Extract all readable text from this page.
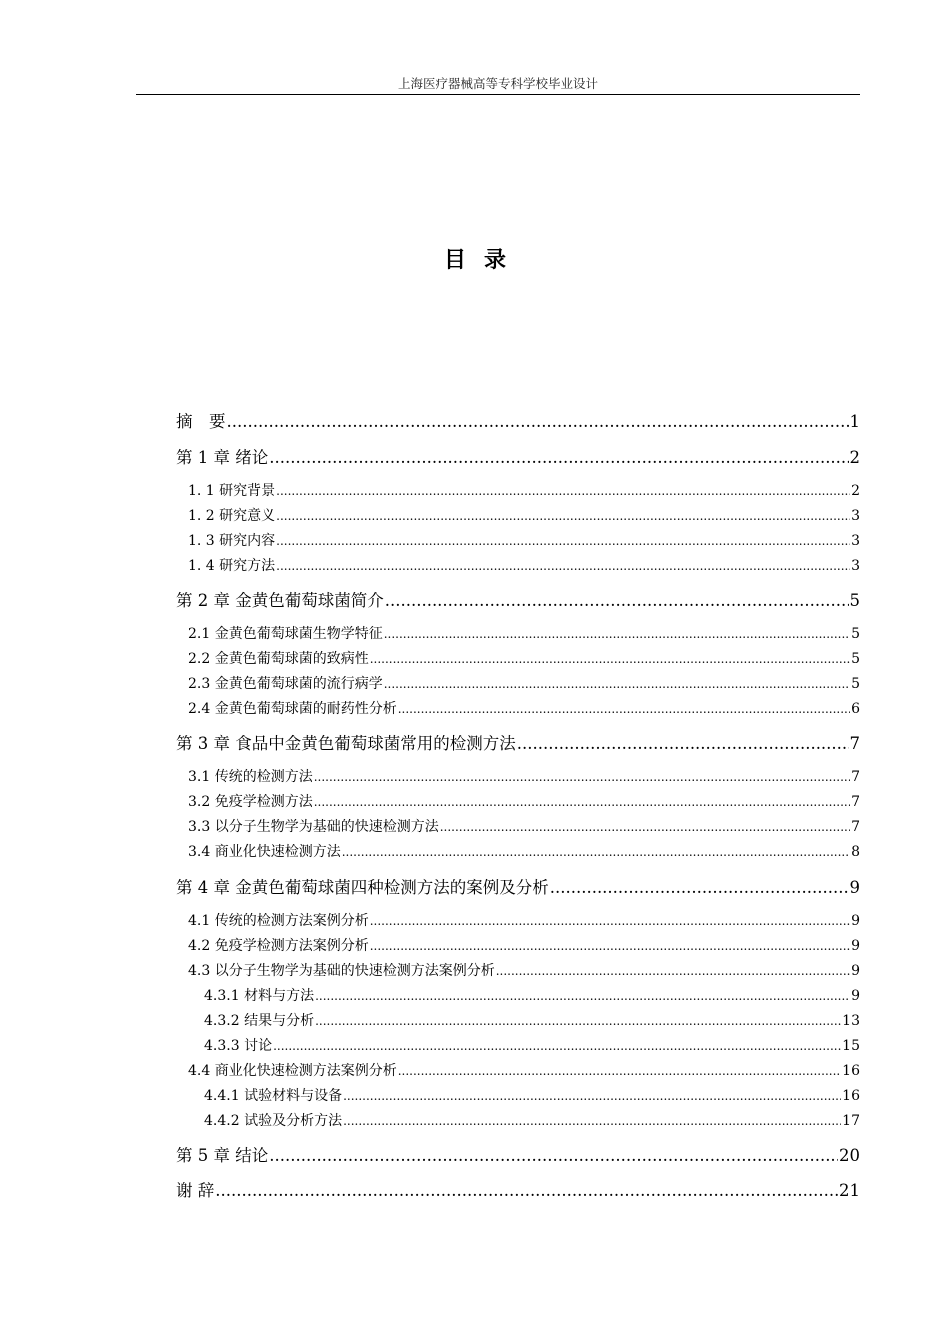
上海医疗器械高等专科学校毕业设计
目录
摘　要 .....	1
第 1 章 绪论 .....	2
1. 1 研究背景 .....	2
1. 2 研究意义 .....	3
1. 3 研究内容 .....	3
1. 4 研究方法 .....	3
第 2 章 金黄色葡萄球菌简介 .....	5
2.1 金黄色葡萄球菌生物学特征 .....	5
2.2 金黄色葡萄球菌的致病性 .....	5
2.3 金黄色葡萄球菌的流行病学 .....	5
2.4 金黄色葡萄球菌的耐药性分析 .....	6
第 3 章 食品中金黄色葡萄球菌常用的检测方法 .....	7
3.1 传统的检测方法 .....	7
3.2 免疫学检测方法 .....	7
3.3 以分子生物学为基础的快速检测方法 .....	7
3.4 商业化快速检测方法 .....	8
第 4 章 金黄色葡萄球菌四种检测方法的案例及分析 .....	9
4.1 传统的检测方法案例分析 .....	9
4.2 免疫学检测方法案例分析 .....	9
4.3 以分子生物学为基础的快速检测方法案例分析 .....	9
4.3.1 材料与方法 .....	9
4.3.2 结果与分析 .....	13
4.3.3 讨论 .....	15
4.4 商业化快速检测方法案例分析 .....	16
4.4.1 试验材料与设备 .....	16
4.4.2 试验及分析方法 .....	17
第 5 章 结论 .....	20
谢 辞 .....	21
